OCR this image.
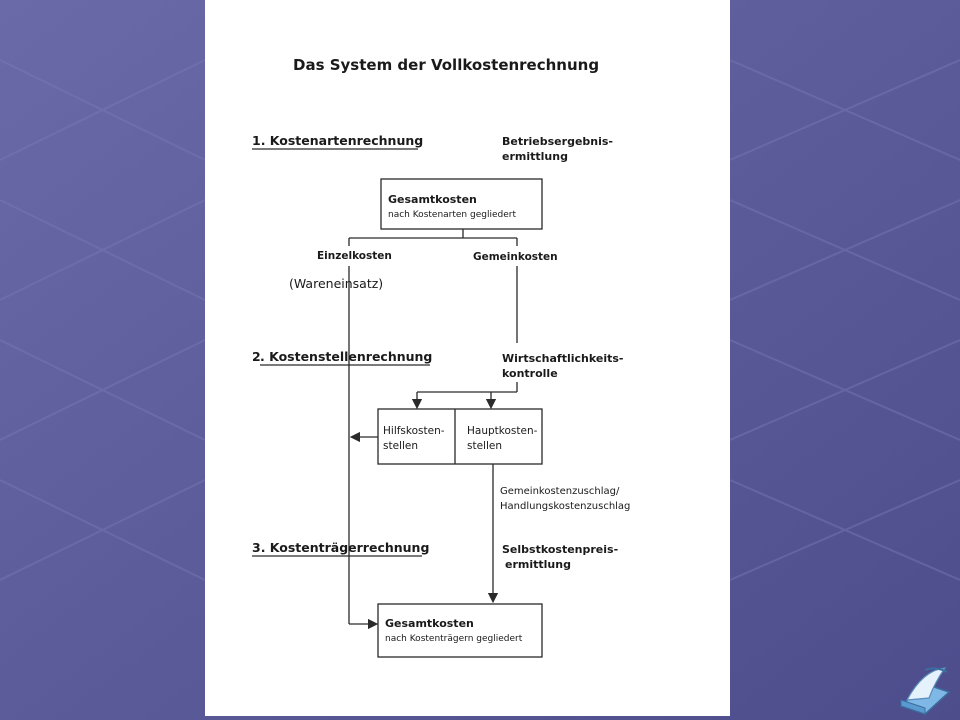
Das System der Vollkostenrechnung
1. Kostenartenrechnung	Betriebsergebnis-
ermittlung
Gesamtkosten
nach Kostenarten gegliedert
Einzelkosten	Gemeinkosten
(Wareneinsatz)
2 . Kostenstellenrechnung	Wirtschaftlichkeits-
kontrolle
Hilfskosten-
stellen
Hauptkosten-
stellen
Gemeinkostenzuschlag/
Handlungskostenzuschlag
3. Kostenträgerrechnung	Selbstkostenpreis-
ermittlung
Gesamtkosten
nach Kostenträgern gegliedert
